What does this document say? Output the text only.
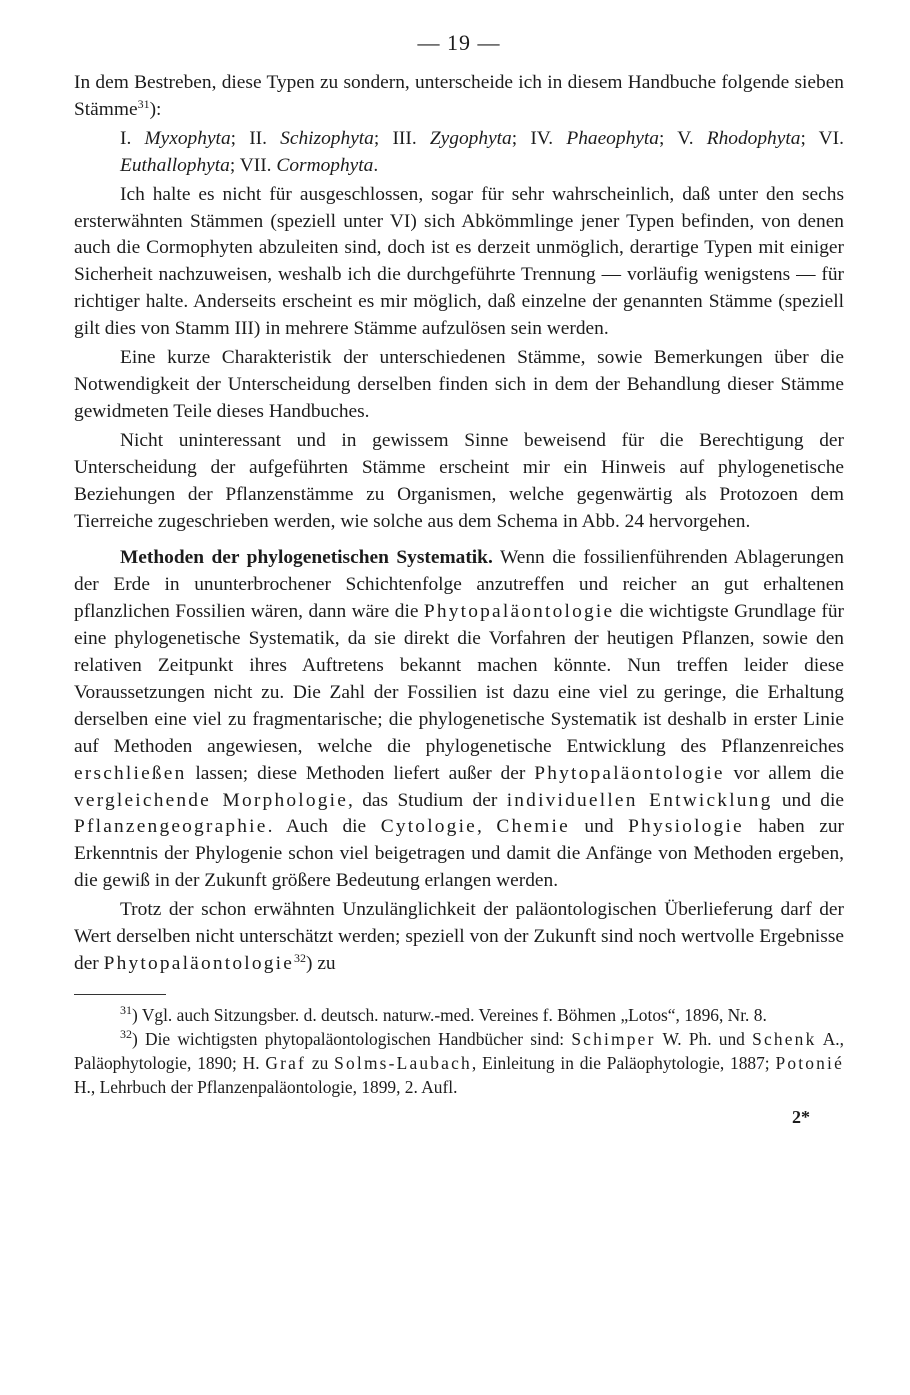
— 19 —

In dem Bestreben, diese Typen zu sondern, unterscheide ich in diesem Handbuche folgende sieben Stämme$^{31}$):

I. Myxophyta; II. Schizophyta; III. Zygophyta; IV. Phaeophyta; V. Rhodophyta; VI. Euthallophyta; VII. Cormophyta.

Ich halte es nicht für ausgeschlossen, sogar für sehr wahrscheinlich, daß unter den sechs ersterwähnten Stämmen (speziell unter VI) sich Abkömmlinge jener Typen befinden, von denen auch die Cormophyten abzuleiten sind, doch ist es derzeit unmöglich, derartige Typen mit einiger Sicherheit nachzuweisen, weshalb ich die durchgeführte Trennung — vorläufig wenigstens — für richtiger halte. Anderseits erscheint es mir möglich, daß einzelne der genannten Stämme (speziell gilt dies von Stamm III) in mehrere Stämme aufzulösen sein werden.

Eine kurze Charakteristik der unterschiedenen Stämme, sowie Bemerkungen über die Notwendigkeit der Unterscheidung derselben finden sich in dem der Behandlung dieser Stämme gewidmeten Teile dieses Handbuches.

Nicht uninteressant und in gewissem Sinne beweisend für die Berechtigung der Unterscheidung der aufgeführten Stämme erscheint mir ein Hinweis auf phylogenetische Beziehungen der Pflanzenstämme zu Organismen, welche gegenwärtig als Protozoen dem Tierreiche zugeschrieben werden, wie solche aus dem Schema in Abb. 24 hervorgehen.

Methoden der phylogenetischen Systematik. Wenn die fossilienführenden Ablagerungen der Erde in ununterbrochener Schichtenfolge anzutreffen und reicher an gut erhaltenen pflanzlichen Fossilien wären, dann wäre die Phytopaläontologie die wichtigste Grundlage für eine phylogenetische Systematik, da sie direkt die Vorfahren der heutigen Pflanzen, sowie den relativen Zeitpunkt ihres Auftretens bekannt machen könnte. Nun treffen leider diese Voraussetzungen nicht zu. Die Zahl der Fossilien ist dazu eine viel zu geringe, die Erhaltung derselben eine viel zu fragmentarische; die phylogenetische Systematik ist deshalb in erster Linie auf Methoden angewiesen, welche die phylogenetische Entwicklung des Pflanzenreiches erschließen lassen; diese Methoden liefert außer der Phytopaläontologie vor allem die vergleichende Morphologie, das Studium der individuellen Entwicklung und die Pflanzengeographie. Auch die Cytologie, Chemie und Physiologie haben zur Erkenntnis der Phylogenie schon viel beigetragen und damit die Anfänge von Methoden ergeben, die gewiß in der Zukunft größere Bedeutung erlangen werden.

Trotz der schon erwähnten Unzulänglichkeit der paläontologischen Überlieferung darf der Wert derselben nicht unterschätzt werden; speziell von der Zukunft sind noch wertvolle Ergebnisse der Phytopaläontologie$^{32}$) zu

$^{31}$) Vgl. auch Sitzungsber. d. deutsch. naturw.-med. Vereines f. Böhmen „Lotos“, 1896, Nr. 8.

$^{32}$) Die wichtigsten phytopaläontologischen Handbücher sind: Schimper W. Ph. und Schenk A., Paläophytologie, 1890; H. Graf zu Solms-Laubach, Einleitung in die Paläophytologie, 1887; Potonié H., Lehrbuch der Pflanzenpaläontologie, 1899, 2. Aufl.

2*
